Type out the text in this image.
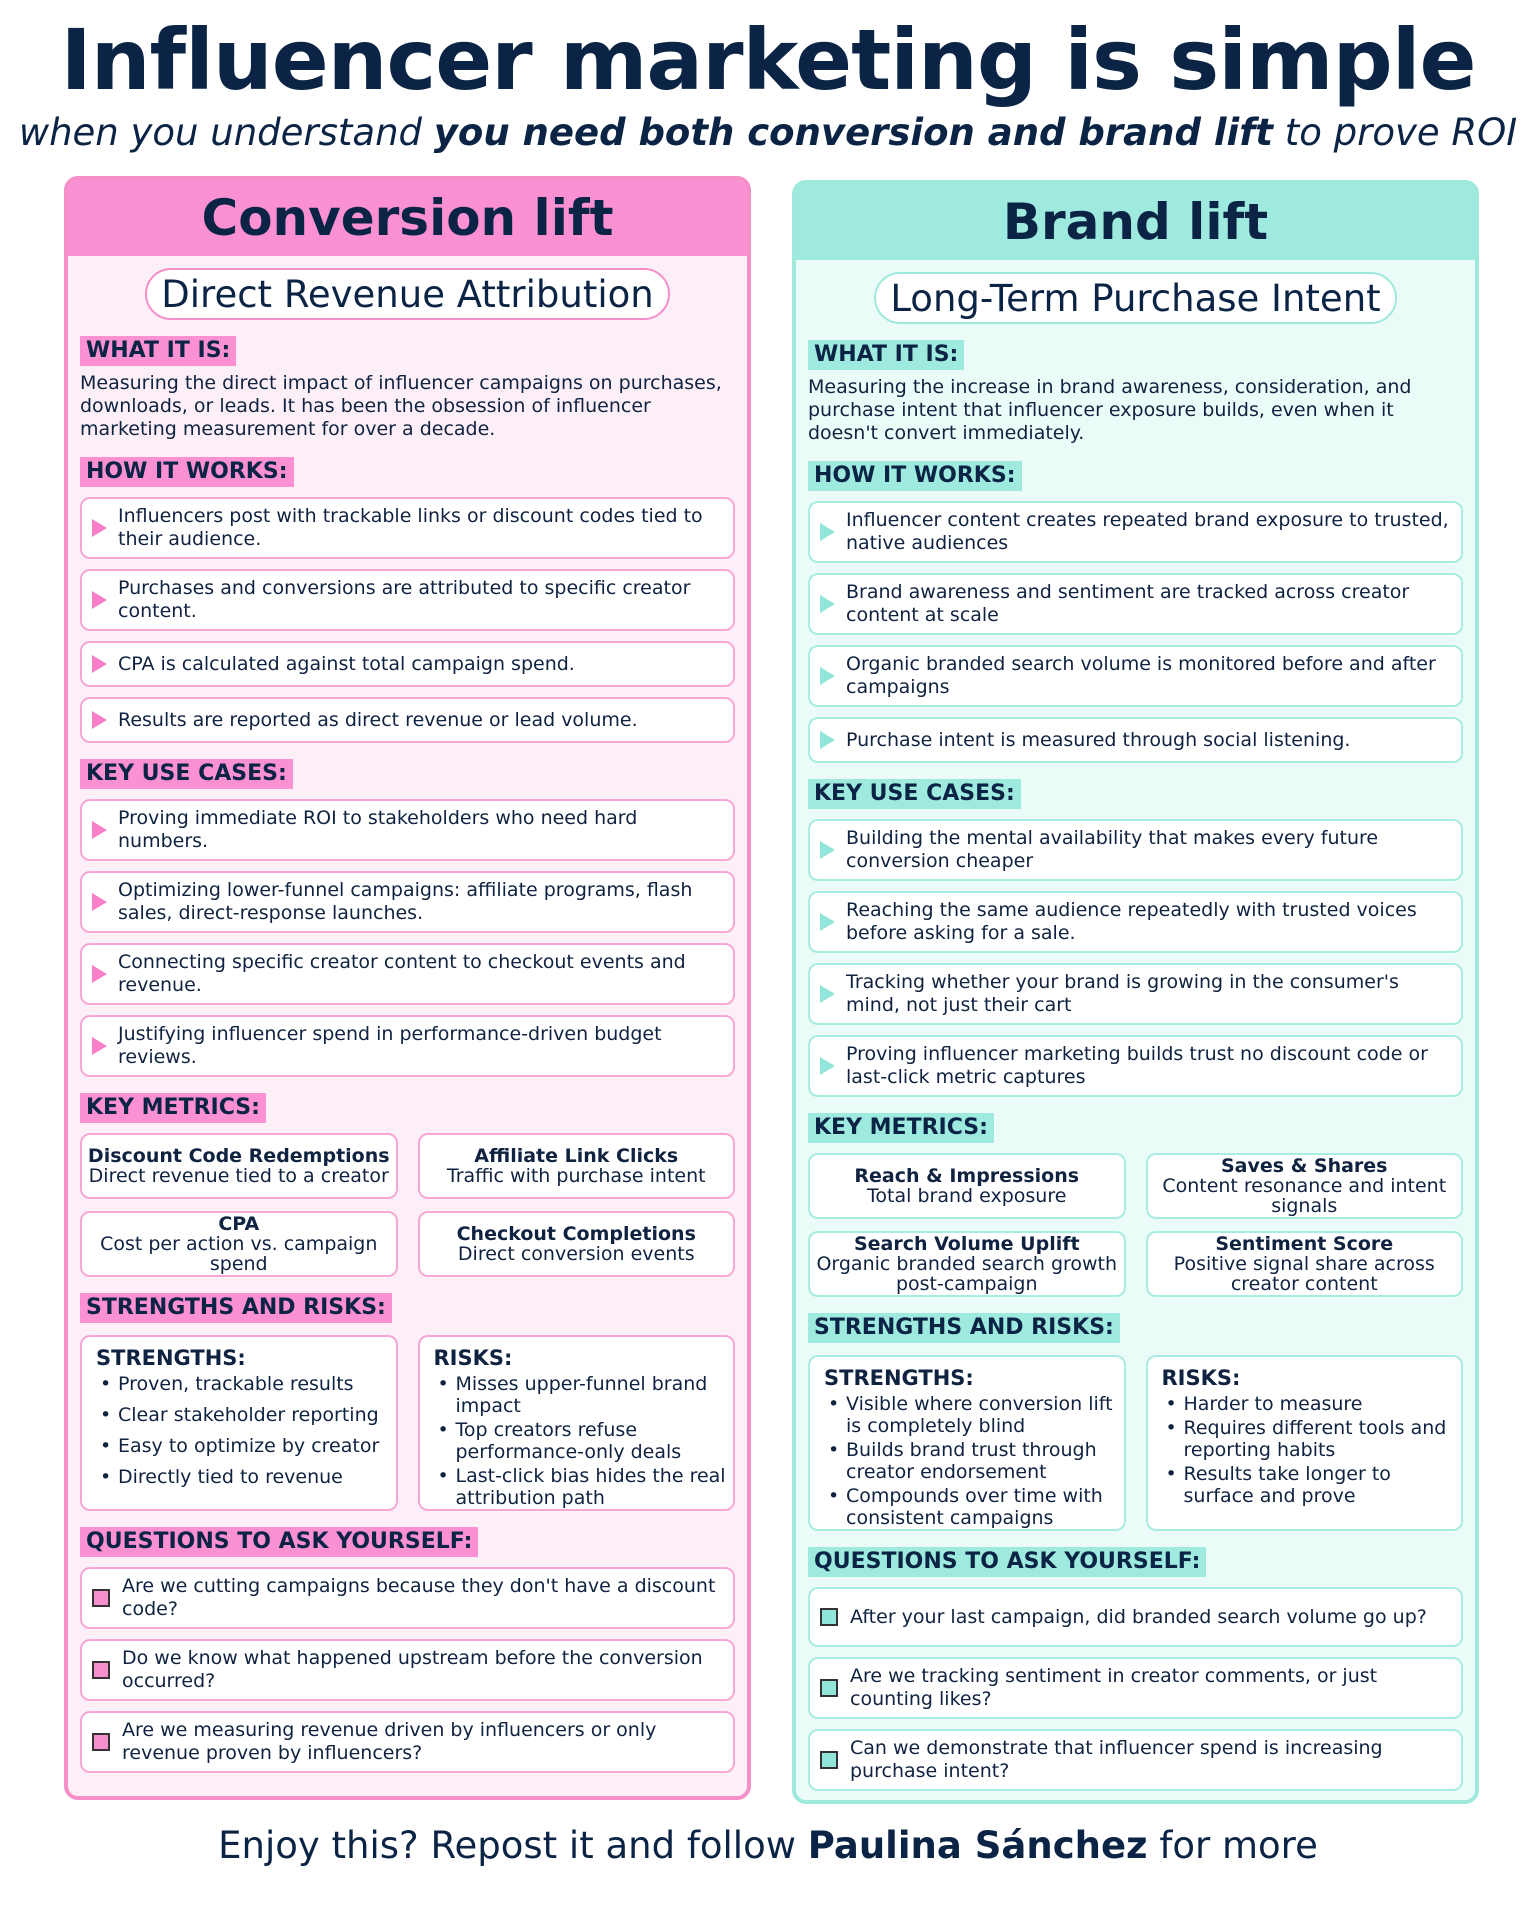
Influencer marketing is simple
when you understand you need both conversion and brand lift to prove ROI
Conversion lift
Direct Revenue Attribution
WHAT IT IS:
Measuring the direct impact of influencer campaigns on purchases, downloads, or leads. It has been the obsession of influencer marketing measurement for over a decade.
HOW IT WORKS:
Influencers post with trackable links or discount codes tied to their audience.
Purchases and conversions are attributed to specific creator content.
CPA is calculated against total campaign spend.
Results are reported as direct revenue or lead volume.
KEY USE CASES:
Proving immediate ROI to stakeholders who need hard numbers.
Optimizing lower-funnel campaigns: affiliate programs, flash sales, direct-response launches.
Connecting specific creator content to checkout events and revenue.
Justifying influencer spend in performance-driven budget reviews.
KEY METRICS:
Discount Code Redemptions
Direct revenue tied to a creator
Affiliate Link Clicks
Traffic with purchase intent
CPA
Cost per action vs. campaign spend
Checkout Completions
Direct conversion events
STRENGTHS AND RISKS:
STRENGTHS:
• Proven, trackable results
• Clear stakeholder reporting
• Easy to optimize by creator
• Directly tied to revenue
RISKS:
• Misses upper-funnel brand impact
• Top creators refuse performance-only deals
• Last-click bias hides the real attribution path
QUESTIONS TO ASK YOURSELF:
Are we cutting campaigns because they don't have a discount code?
Do we know what happened upstream before the conversion occurred?
Are we measuring revenue driven by influencers or only revenue proven by influencers?
Brand lift
Long-Term Purchase Intent
WHAT IT IS:
Measuring the increase in brand awareness, consideration, and purchase intent that influencer exposure builds, even when it doesn't convert immediately.
HOW IT WORKS:
Influencer content creates repeated brand exposure to trusted, native audiences
Brand awareness and sentiment are tracked across creator content at scale
Organic branded search volume is monitored before and after campaigns
Purchase intent is measured through social listening.
KEY USE CASES:
Building the mental availability that makes every future conversion cheaper
Reaching the same audience repeatedly with trusted voices before asking for a sale.
Tracking whether your brand is growing in the consumer's mind, not just their cart
Proving influencer marketing builds trust no discount code or last-click metric captures
KEY METRICS:
Reach & Impressions
Total brand exposure
Saves & Shares
Content resonance and intent signals
Search Volume Uplift
Organic branded search growth post-campaign
Sentiment Score
Positive signal share across creator content
STRENGTHS AND RISKS:
STRENGTHS:
• Visible where conversion lift is completely blind
• Builds brand trust through creator endorsement
• Compounds over time with consistent campaigns
RISKS:
• Harder to measure
• Requires different tools and reporting habits
• Results take longer to surface and prove
QUESTIONS TO ASK YOURSELF:
After your last campaign, did branded search volume go up?
Are we tracking sentiment in creator comments, or just counting likes?
Can we demonstrate that influencer spend is increasing purchase intent?
Enjoy this? Repost it and follow Paulina Sánchez for more
